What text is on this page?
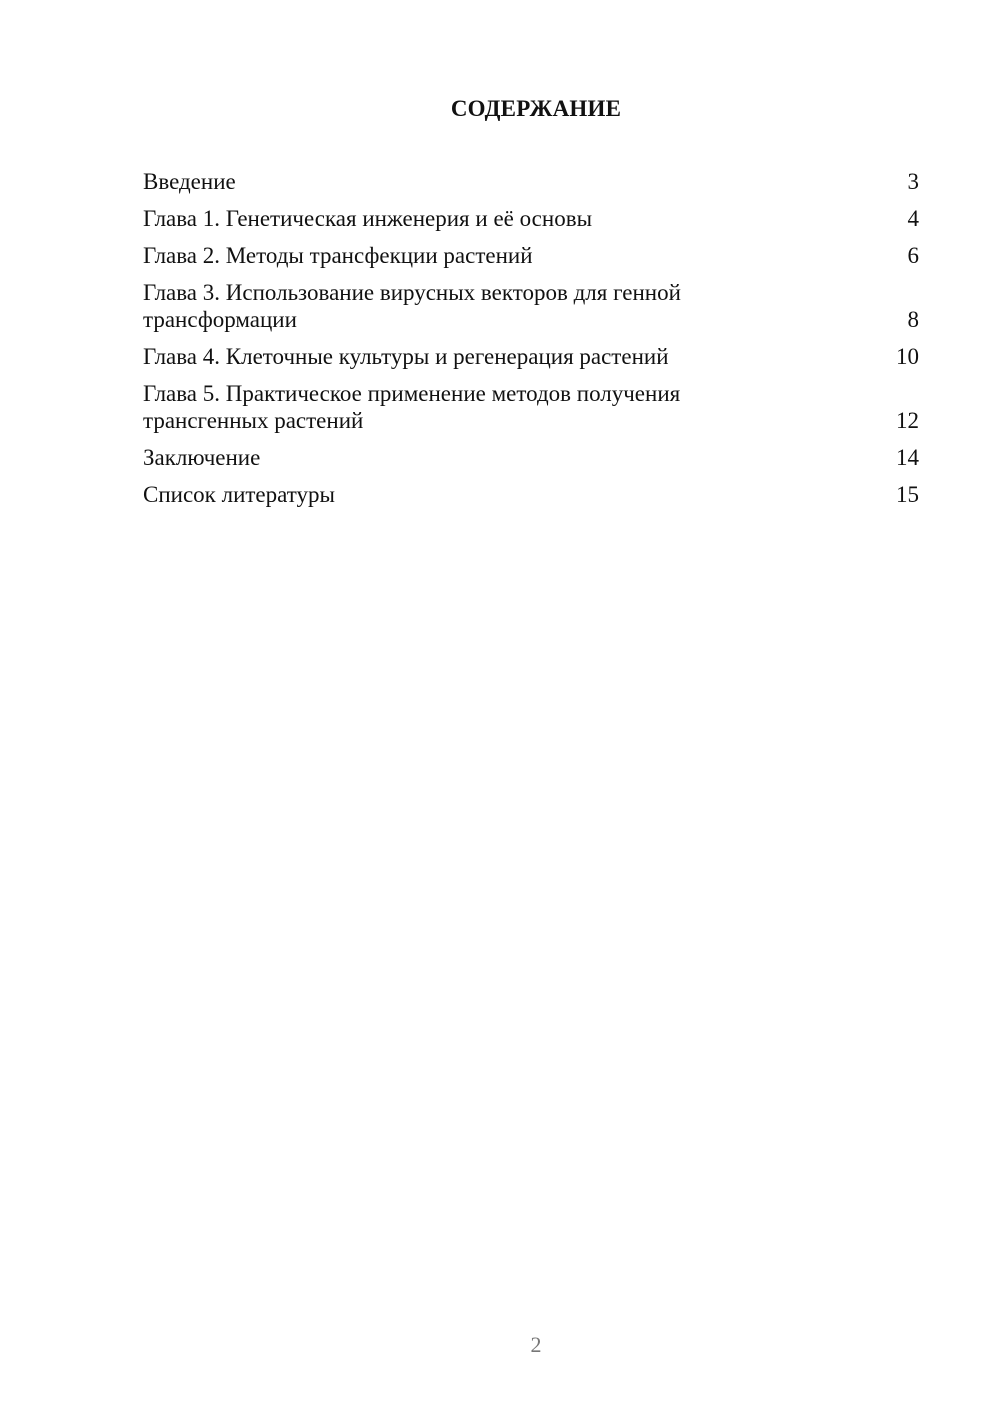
СОДЕРЖАНИЕ
Введение	3
Глава 1. Генетическая инженерия и её основы	4
Глава 2. Методы трансфекции растений	6
Глава 3. Использование вирусных векторов для генной трансформации	8
Глава 4. Клеточные культуры и регенерация растений	10
Глава 5. Практическое применение методов получения трансгенных растений	12
Заключение	14
Список литературы	15
2
